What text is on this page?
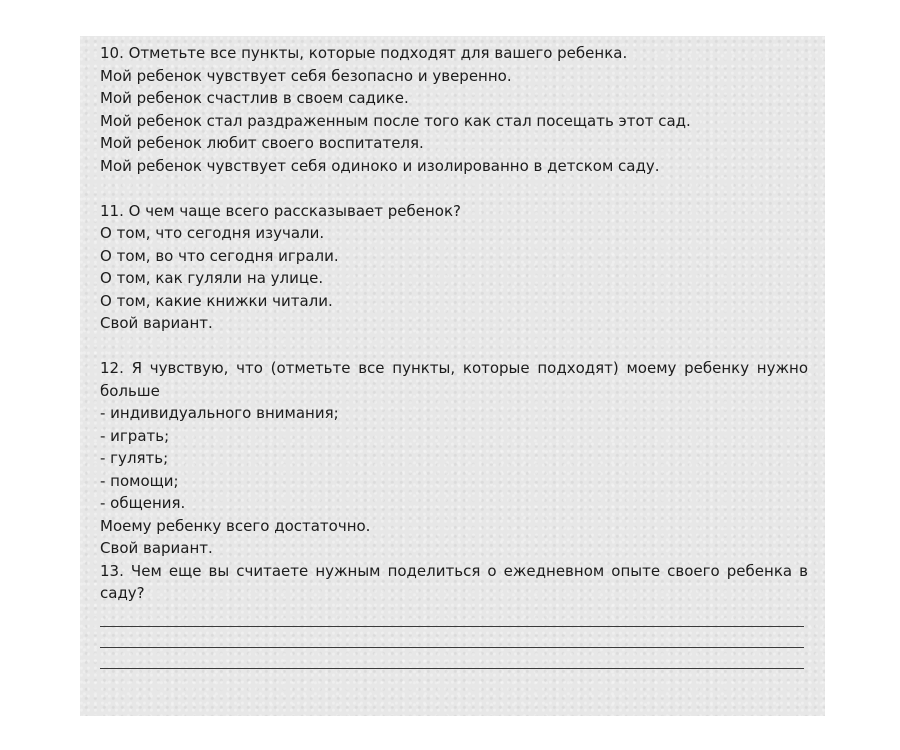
10. Отметьте все пункты, которые подходят для вашего ребенка.
Мой ребенок чувствует себя безопасно и уверенно.
Мой ребенок счастлив в своем садике.
Мой ребенок стал раздраженным после того как стал посещать этот сад.
Мой ребенок любит своего воспитателя.
Мой ребенок чувствует себя одиноко и изолированно в детском саду.
11. О чем чаще всего рассказывает ребенок?
О том, что сегодня изучали.
О том, во что сегодня играли.
О том, как гуляли на улице.
О том, какие книжки читали.
Свой вариант.
12. Я чувствую, что (отметьте все пункты, которые подходят) моему ребенку нужно больше
- индивидуального внимания;
- играть;
- гулять;
- помощи;
- общения.
Моему ребенку всего достаточно.
Свой вариант.
13. Чем еще вы считаете нужным поделиться о ежедневном опыте своего ребенка в саду?
